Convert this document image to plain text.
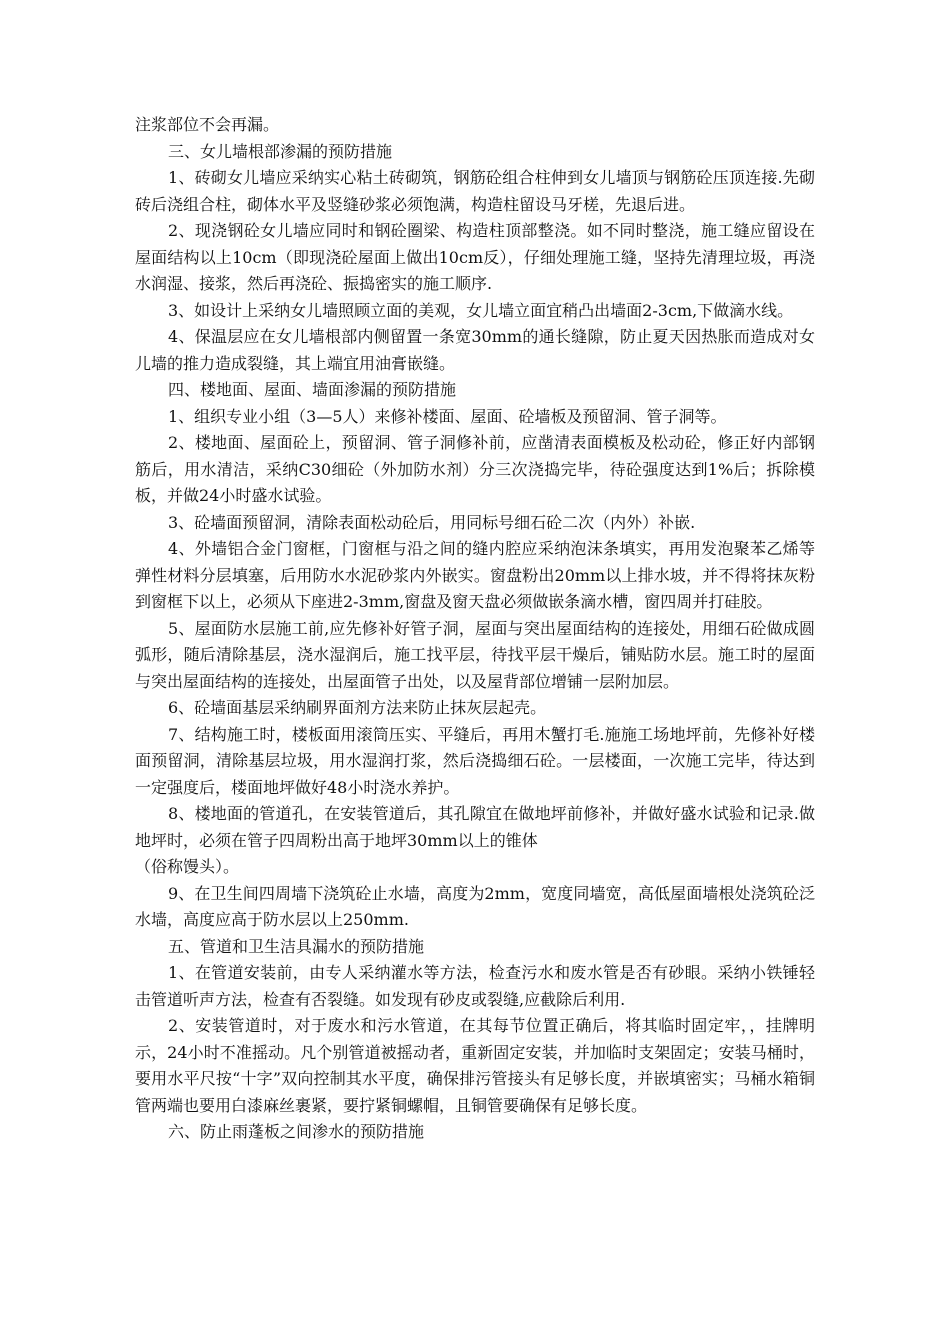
注浆部位不会再漏。

三、女儿墙根部渗漏的预防措施

1、砖砌女儿墙应采纳实心粘土砖砌筑，钢筋砼组合柱伸到女儿墙顶与钢筋砼压顶连接.先砌砖后浇组合柱，砌体水平及竖缝砂浆必须饱满，构造柱留设马牙槎，先退后进。

2、现浇钢砼女儿墙应同时和钢砼圈梁、构造柱顶部整浇。如不同时整浇，施工缝应留设在屋面结构以上10cm（即现浇砼屋面上做出10cm反），仔细处理施工缝，坚持先清理垃圾，再浇水润湿、接浆，然后再浇砼、振捣密实的施工顺序.

3、如设计上采纳女儿墙照顾立面的美观，女儿墙立面宜稍凸出墙面2-3cm,下做滴水线。

4、保温层应在女儿墙根部内侧留置一条宽30mm的通长缝隙，防止夏天因热胀而造成对女儿墙的推力造成裂缝，其上端宜用油膏嵌缝。

四、楼地面、屋面、墙面渗漏的预防措施

1、组织专业小组（3—5人）来修补楼面、屋面、砼墙板及预留洞、管子洞等。

2、楼地面、屋面砼上，预留洞、管子洞修补前，应凿清表面模板及松动砼，修正好内部钢筋后，用水清洁，采纳C30细砼（外加防水剂）分三次浇捣完毕，待砼强度达到1%后；拆除模板，并做24小时盛水试验。

3、砼墙面预留洞，清除表面松动砼后，用同标号细石砼二次（内外）补嵌.

4、外墙铝合金门窗框，门窗框与沿之间的缝内腔应采纳泡沫条填实，再用发泡聚苯乙烯等弹性材料分层填塞，后用防水水泥砂浆内外嵌实。窗盘粉出20mm以上排水坡，并不得将抹灰粉到窗框下以上，必须从下座进2-3mm,窗盘及窗天盘必须做嵌条滴水槽，窗四周并打硅胶。

5、屋面防水层施工前,应先修补好管子洞，屋面与突出屋面结构的连接处，用细石砼做成圆弧形，随后清除基层，浇水湿润后，施工找平层，待找平层干燥后，铺贴防水层。施工时的屋面与突出屋面结构的连接处，出屋面管子出处，以及屋背部位增铺一层附加层。

6、砼墙面基层采纳刷界面剂方法来防止抹灰层起壳。

7、结构施工时，楼板面用滚筒压实、平缝后，再用木蟹打毛.施施工场地坪前，先修补好楼面预留洞，清除基层垃圾，用水湿润打浆，然后浇捣细石砼。一层楼面，一次施工完毕，待达到一定强度后，楼面地坪做好48小时浇水养护。

8、楼地面的管道孔，在安装管道后，其孔隙宜在做地坪前修补，并做好盛水试验和记录.做地坪时，必须在管子四周粉出高于地坪30mm以上的锥体

（俗称馒头）。

9、在卫生间四周墙下浇筑砼止水墙，高度为2mm，宽度同墙宽，高低屋面墙根处浇筑砼泛水墙，高度应高于防水层以上250mm.

五、管道和卫生洁具漏水的预防措施

1、在管道安装前，由专人采纳灌水等方法，检查污水和废水管是否有砂眼。采纳小铁锤轻击管道听声方法，检查有否裂缝。如发现有砂皮或裂缝,应截除后利用.

2、安装管道时，对于废水和污水管道，在其每节位置正确后，将其临时固定牢，，挂牌明示，24小时不准摇动。凡个别管道被摇动者，重新固定安装，并加临时支架固定；安装马桶时，要用水平尺按“十字”双向控制其水平度，确保排污管接头有足够长度，并嵌填密实；马桶水箱铜管两端也要用白漆麻丝裹紧，要拧紧铜螺帽，且铜管要确保有足够长度。

六、防止雨蓬板之间渗水的预防措施
